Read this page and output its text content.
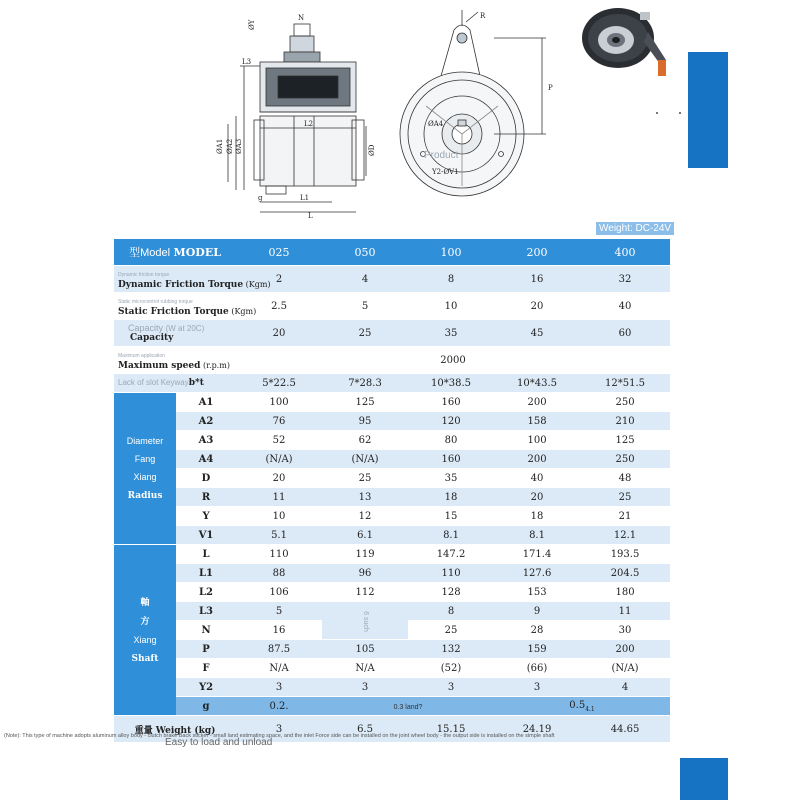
N
ØY
L3
ØA1 ØA2 ØA3	ØD
L2
L1
L
g
R
P
ØA4
Y2-ØV1
Product
Weight: DC-24V
型Model MODEL		025	050	100	200	400
Dynamic friction torque
Dynamic Friction Torque (Kgm)		2	4	8	16	32
Static microcontrol rubbing torque
Static Friction Torque (Kgm)		2.5	5	10	20	40
Capacity (W at 20C)
Capacity		20	25	35	45	60
Maximum application
Maximum speed (r.p.m)		2000				
Lack of slot Keywayb*t		5*22.5	7*28.3	10*38.5	10*43.5	12*51.5
Diameter
Fang
Xiang
Radius	A1	100	125	160	200	250
	A2	76	95	120	158	210
	A3	52	62	80	100	125
	A4	(N/A)	(N/A)	160	200	250
	D	20	25	35	40	48
	R	11	13	18	20	25
	Y	10	12	15	18	21
	V1	5.1	6.1	8.1	8.1	12.1
軸
方
Xiang
Shaft	L	110	119	147.2	171.4	193.5
	L1	88	96	110	127.6	204.5
	L2	106	112	128	153	180
	L3	5	6 such	8	9	11
	N	16		25	28	30
	P	87.5	105	132	159	200
	F	N/A	N/A	(52)	(66)	(N/A)
	Y2	3	3	3	3	4
	g	0.2.	0.3 land?		$0.5_{4.1}$
重量 Weight (kg)		3	6.5	15.15	24.19	44.65
(Note): This type of machine adopts aluminum alloy body - clutch brake Back sticker - small land estimating space, and the inlet Force side can be installed on the joint wheel body - the output side is installed on the simple shaft
Easy to load and unload
